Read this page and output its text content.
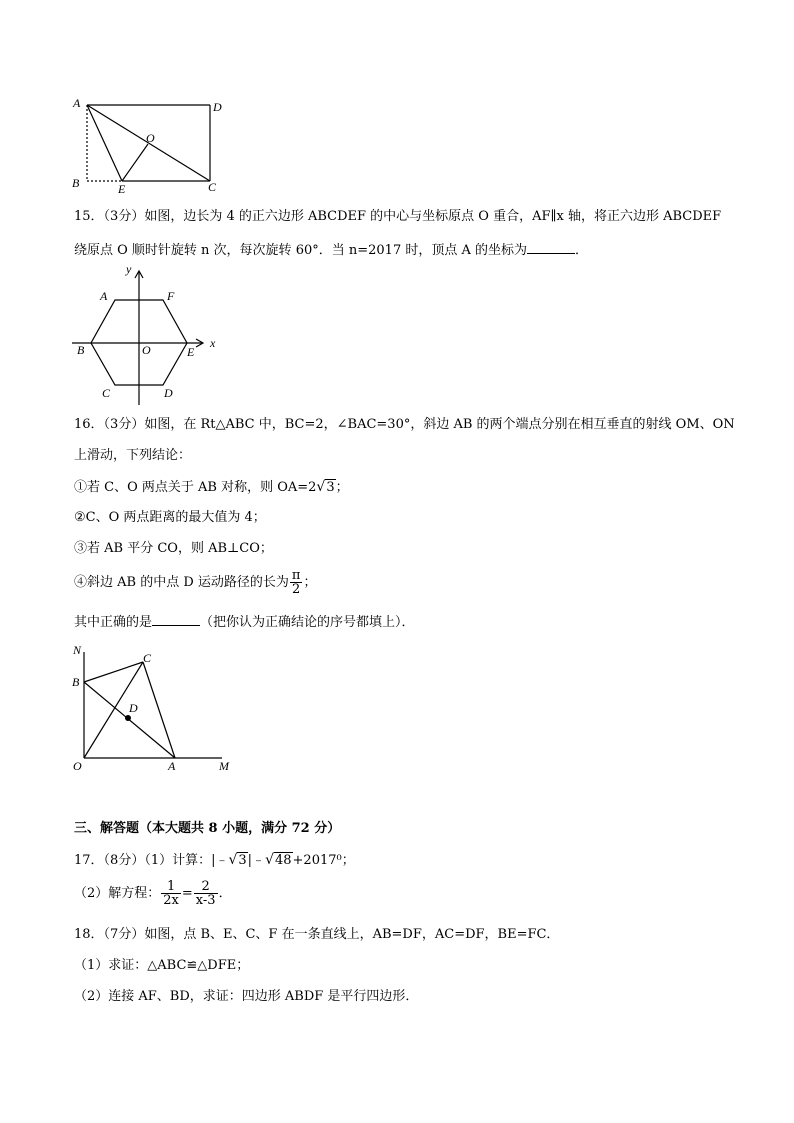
A	D
O
B	E	C
15．（3分）如图，边长为 4 的正六边形 ABCDEF 的中心与坐标原点 O 重合，AF∥x 轴，将正六边形 ABCDEF
绕原点 O 顺时针旋转 n 次，每次旋转 60°．当 n=2017 时，顶点 A 的坐标为	．
y
A	F
B	O	E
x
C	D
16．（3分）如图，在 Rt△ABC 中，BC=2，∠BAC=30°，斜边 AB 的两个端点分别在相互垂直的射线 OM、ON
上滑动，下列结论：
①若 C、O 两点关于 AB 对称，则 OA=2√3；
②C、O 两点距离的最大值为 4；
③若 AB 平分 CO，则 AB⊥CO；
④斜边 AB 的中点 D 运动路径的长为 $\frac{\pi}{2}$ ；
其中正确的是	（把你认为正确结论的序号都填上）．
N
C
B
D
O	A	M
三、解答题（本大题共 8 小题，满分 72 分）
17．（8分）（1）计算：|﹣√3|﹣√48+2017⁰；
（2）解方程： $\frac{1}{2x} = \frac{2}{x-3}$ ．
18．（7分）如图，点 B、E、C、F 在一条直线上，AB=DF，AC=DF，BE=FC．
（1）求证：△ABC≌△DFE；
（2）连接 AF、BD，求证：四边形 ABDF 是平行四边形．
